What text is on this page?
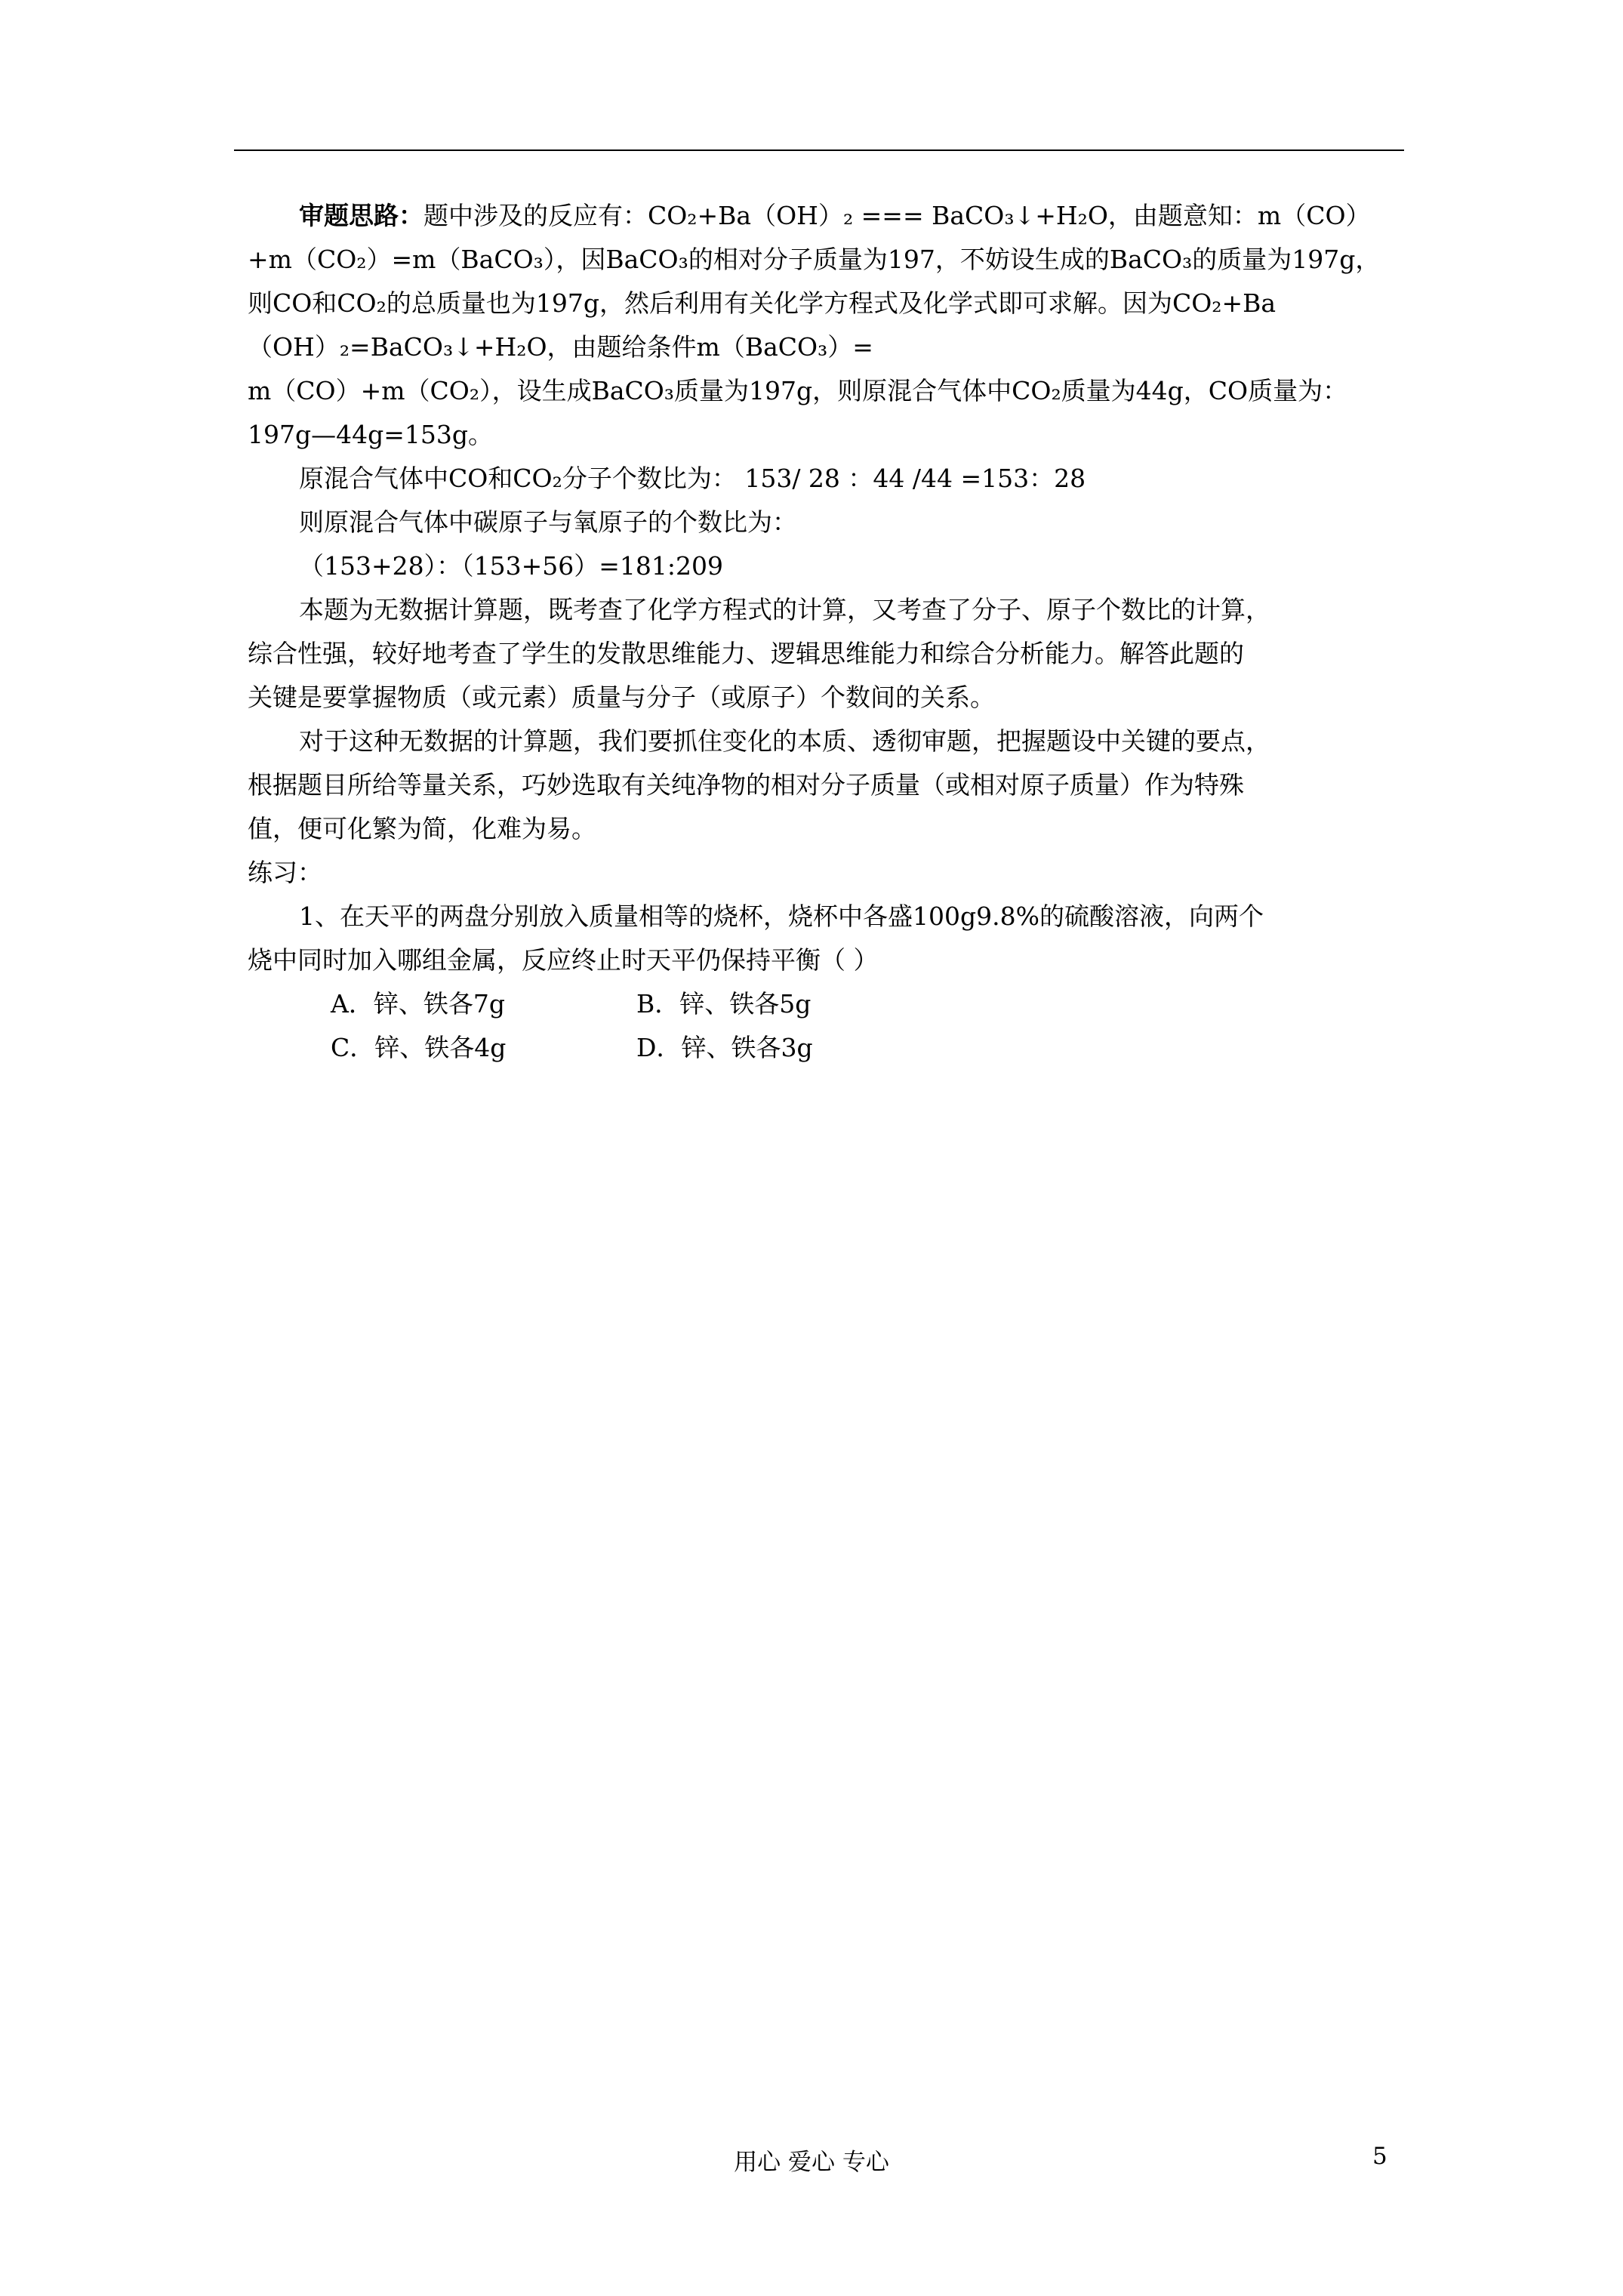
审题思路：题中涉及的反应有：CO₂+Ba（OH）₂ === BaCO₃↓+H₂O，由题意知：m（CO）
+m（CO₂）=m（BaCO₃），因BaCO₃的相对分子质量为197，不妨设生成的BaCO₃的质量为197g，
则CO和CO₂的总质量也为197g，然后利用有关化学方程式及化学式即可求解。因为CO₂+Ba
（OH）₂=BaCO₃↓+H₂O，由题给条件m（BaCO₃）=
m（CO）+m（CO₂），设生成BaCO₃质量为197g，则原混合气体中CO₂质量为44g，CO质量为：
197g—44g=153g。
原混合气体中CO和CO₂分子个数比为： 153/ 28 ：44 /44 =153：28
则原混合气体中碳原子与氧原子的个数比为：
（153+28）：（153+56）=181:209
本题为无数据计算题，既考查了化学方程式的计算，又考查了分子、原子个数比的计算，
综合性强，较好地考查了学生的发散思维能力、逻辑思维能力和综合分析能力。解答此题的
关键是要掌握物质（或元素）质量与分子（或原子）个数间的关系。
对于这种无数据的计算题，我们要抓住变化的本质、透彻审题，把握题设中关键的要点，
根据题目所给等量关系，巧妙选取有关纯净物的相对分子质量（或相对原子质量）作为特殊
值，便可化繁为简，化难为易。
练习：
1、在天平的两盘分别放入质量相等的烧杯，烧杯中各盛100g9.8%的硫酸溶液，向两个
烧中同时加入哪组金属，反应终止时天平仍保持平衡（ ）
A．锌、铁各7g	B．锌、铁各5g
C．锌、铁各4g	D．锌、铁各3g
用心 爱心 专心	5
